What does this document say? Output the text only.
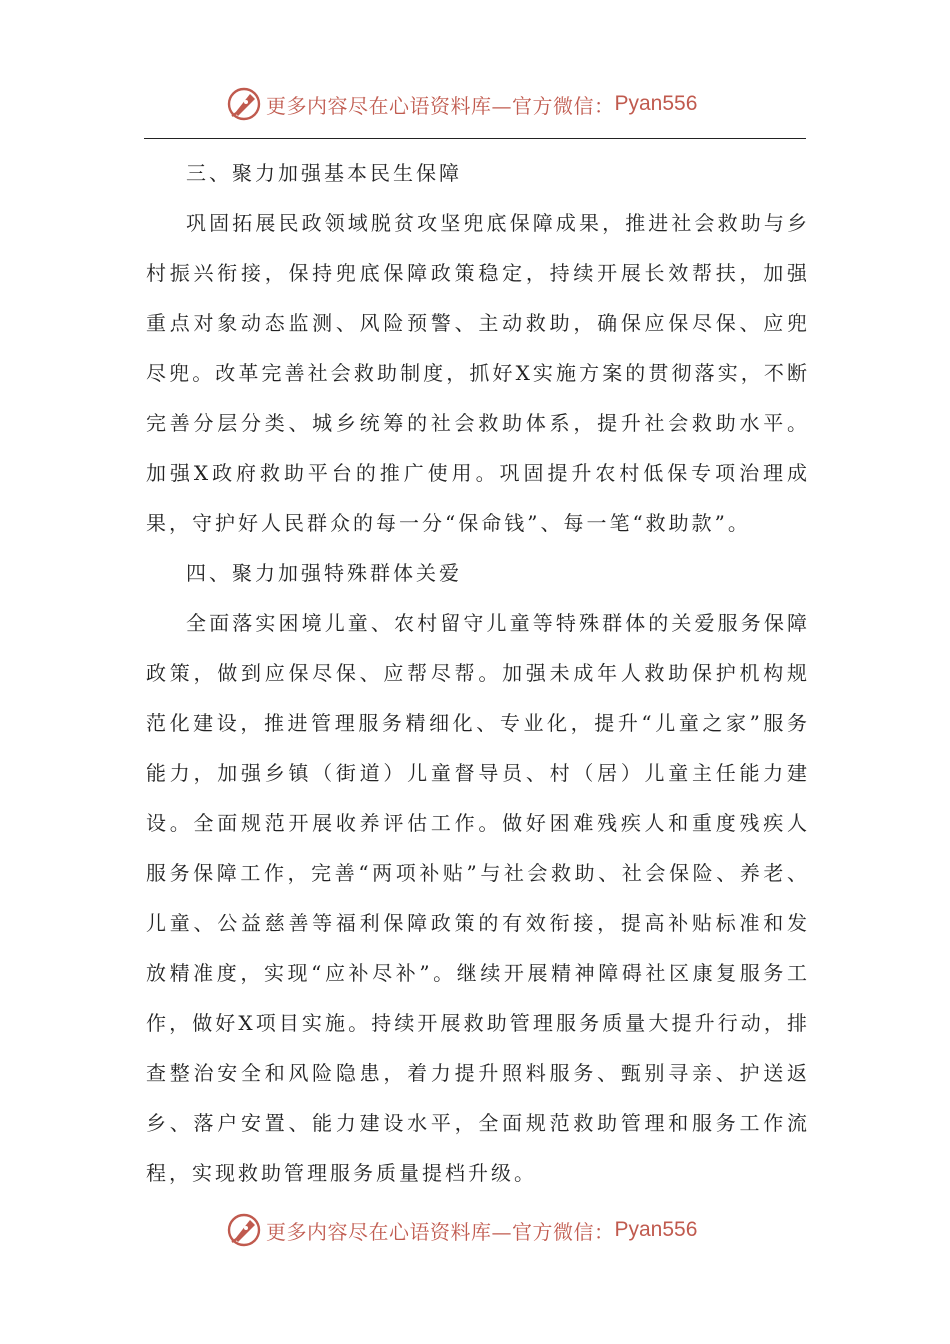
更多内容尽在心语资料库—官方微信： Pyan556

三、聚力加强基本民生保障

巩固拓展民政领域脱贫攻坚兜底保障成果，推进社会救助与乡村振兴衔接，保持兜底保障政策稳定，持续开展长效帮扶，加强重点对象动态监测、风险预警、主动救助，确保应保尽保、应兜尽兜。改革完善社会救助制度，抓好X实施方案的贯彻落实，不断完善分层分类、城乡统筹的社会救助体系，提升社会救助水平。加强X政府救助平台的推广使用。巩固提升农村低保专项治理成果，守护好人民群众的每一分“保命钱”、每一笔“救助款”。

四、聚力加强特殊群体关爱

全面落实困境儿童、农村留守儿童等特殊群体的关爱服务保障政策，做到应保尽保、应帮尽帮。加强未成年人救助保护机构规范化建设，推进管理服务精细化、专业化，提升“儿童之家”服务能力，加强乡镇（街道）儿童督导员、村（居）儿童主任能力建设。全面规范开展收养评估工作。做好困难残疾人和重度残疾人服务保障工作，完善“两项补贴”与社会救助、社会保险、养老、儿童、公益慈善等福利保障政策的有效衔接，提高补贴标准和发放精准度，实现“应补尽补”。继续开展精神障碍社区康复服务工作，做好X项目实施。持续开展救助管理服务质量大提升行动，排查整治安全和风险隐患，着力提升照料服务、甄别寻亲、护送返乡、落户安置、能力建设水平，全面规范救助管理和服务工作流程，实现救助管理服务质量提档升级。

更多内容尽在心语资料库—官方微信： Pyan556
